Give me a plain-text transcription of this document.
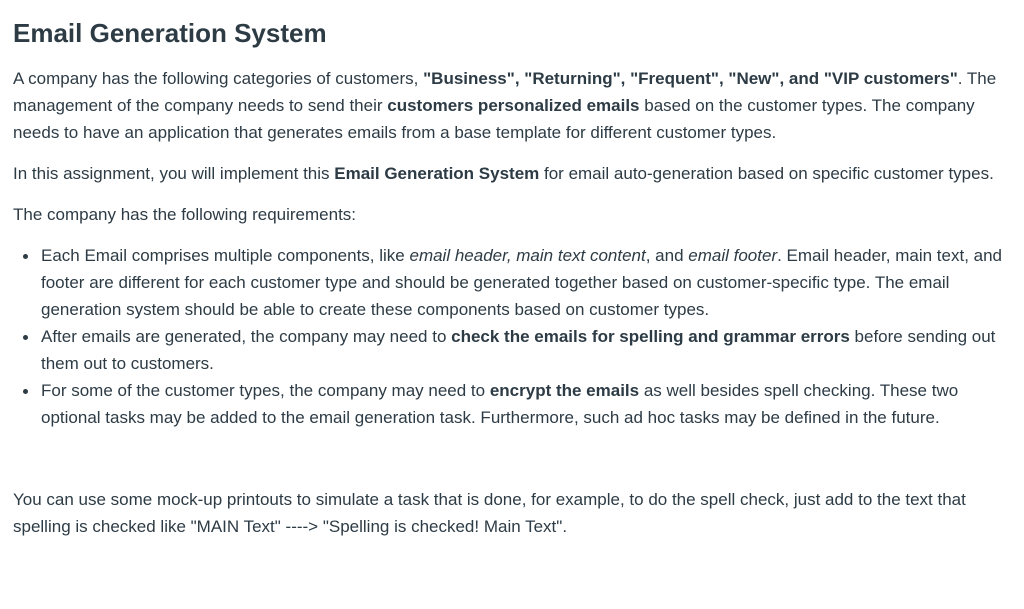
Email Generation System

A company has the following categories of customers, "Business", "Returning", "Frequent", "New", and "VIP customers". The management of the company needs to send their customers personalized emails based on the customer types. The company needs to have an application that generates emails from a base template for different customer types.

In this assignment, you will implement this Email Generation System for email auto-generation based on specific customer types.

The company has the following requirements:

Each Email comprises multiple components, like email header, main text content, and email footer. Email header, main text, and footer are different for each customer type and should be generated together based on customer-specific type. The email generation system should be able to create these components based on customer types.
After emails are generated, the company may need to check the emails for spelling and grammar errors before sending out them out to customers.
For some of the customer types, the company may need to encrypt the emails as well besides spell checking. These two optional tasks may be added to the email generation task. Furthermore, such ad hoc tasks may be defined in the future.

You can use some mock-up printouts to simulate a task that is done, for example, to do the spell check, just add to the text that spelling is checked like "MAIN Text" ----> "Spelling is checked! Main Text".
